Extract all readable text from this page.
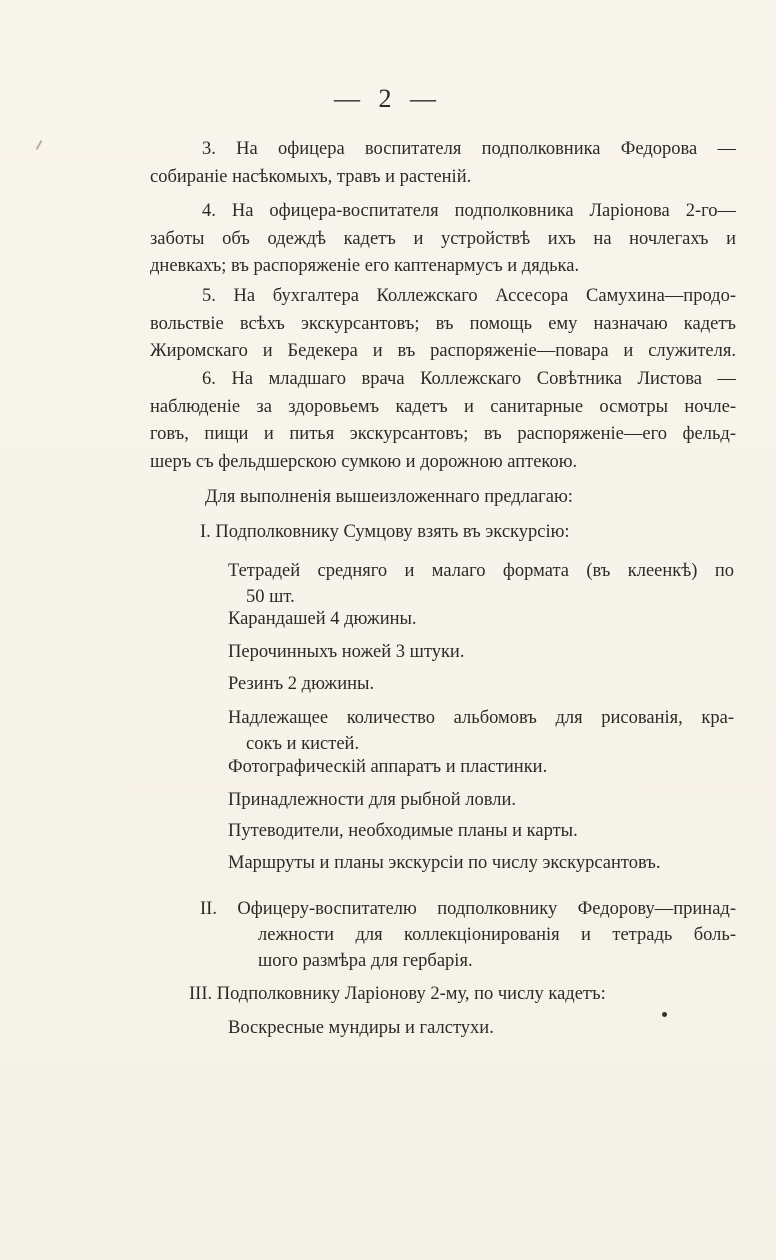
— 2 —
3. На офицера воспитателя подполковника Федорова —
собираніе насѣкомыхъ, травъ и растеній.
4. На офицера-воспитателя подполковника Ларіонова 2-го—
заботы объ одеждѣ кадетъ и устройствѣ ихъ на ночлегахъ и
дневкахъ; въ распоряженіе его каптенармусъ и дядька.
5. На бухгалтера Коллежскаго Ассесора Самухина—продо-
вольствіе всѣхъ экскурсантовъ; въ помощь ему назначаю кадетъ
Жиромскаго и Бедекера и въ распоряженіе—повара и служителя.
6. На младшаго врача Коллежскаго Совѣтника Листова —
наблюденіе за здоровьемъ кадетъ и санитарные осмотры ночле-
говъ, пищи и питья экскурсантовъ; въ распоряженіе—его фельд-
шеръ съ фельдшерскою сумкою и дорожною аптекою.
Для выполненія вышеизложеннаго предлагаю:
I. Подполковнику Сумцову взять въ экскурсію:
Тетрадей средняго и малаго формата (въ клеенкѣ) по
50 шт.
Карандашей 4 дюжины.
Перочинныхъ ножей 3 штуки.
Резинъ 2 дюжины.
Надлежащее количество альбомовъ для рисованія, кра-
сокъ и кистей.
Фотографическій аппаратъ и пластинки.
Принадлежности для рыбной ловли.
Путеводители, необходимые планы и карты.
Маршруты и планы экскурсіи по числу экскурсантовъ.
II. Офицеру-воспитателю подполковнику Федорову—принад-
лежности для коллекціонированія и тетрадь боль-
шого размѣра для гербарія.
III. Подполковнику Ларіонову 2-му, по числу кадетъ:
Воскресные мундиры и галстухи.
